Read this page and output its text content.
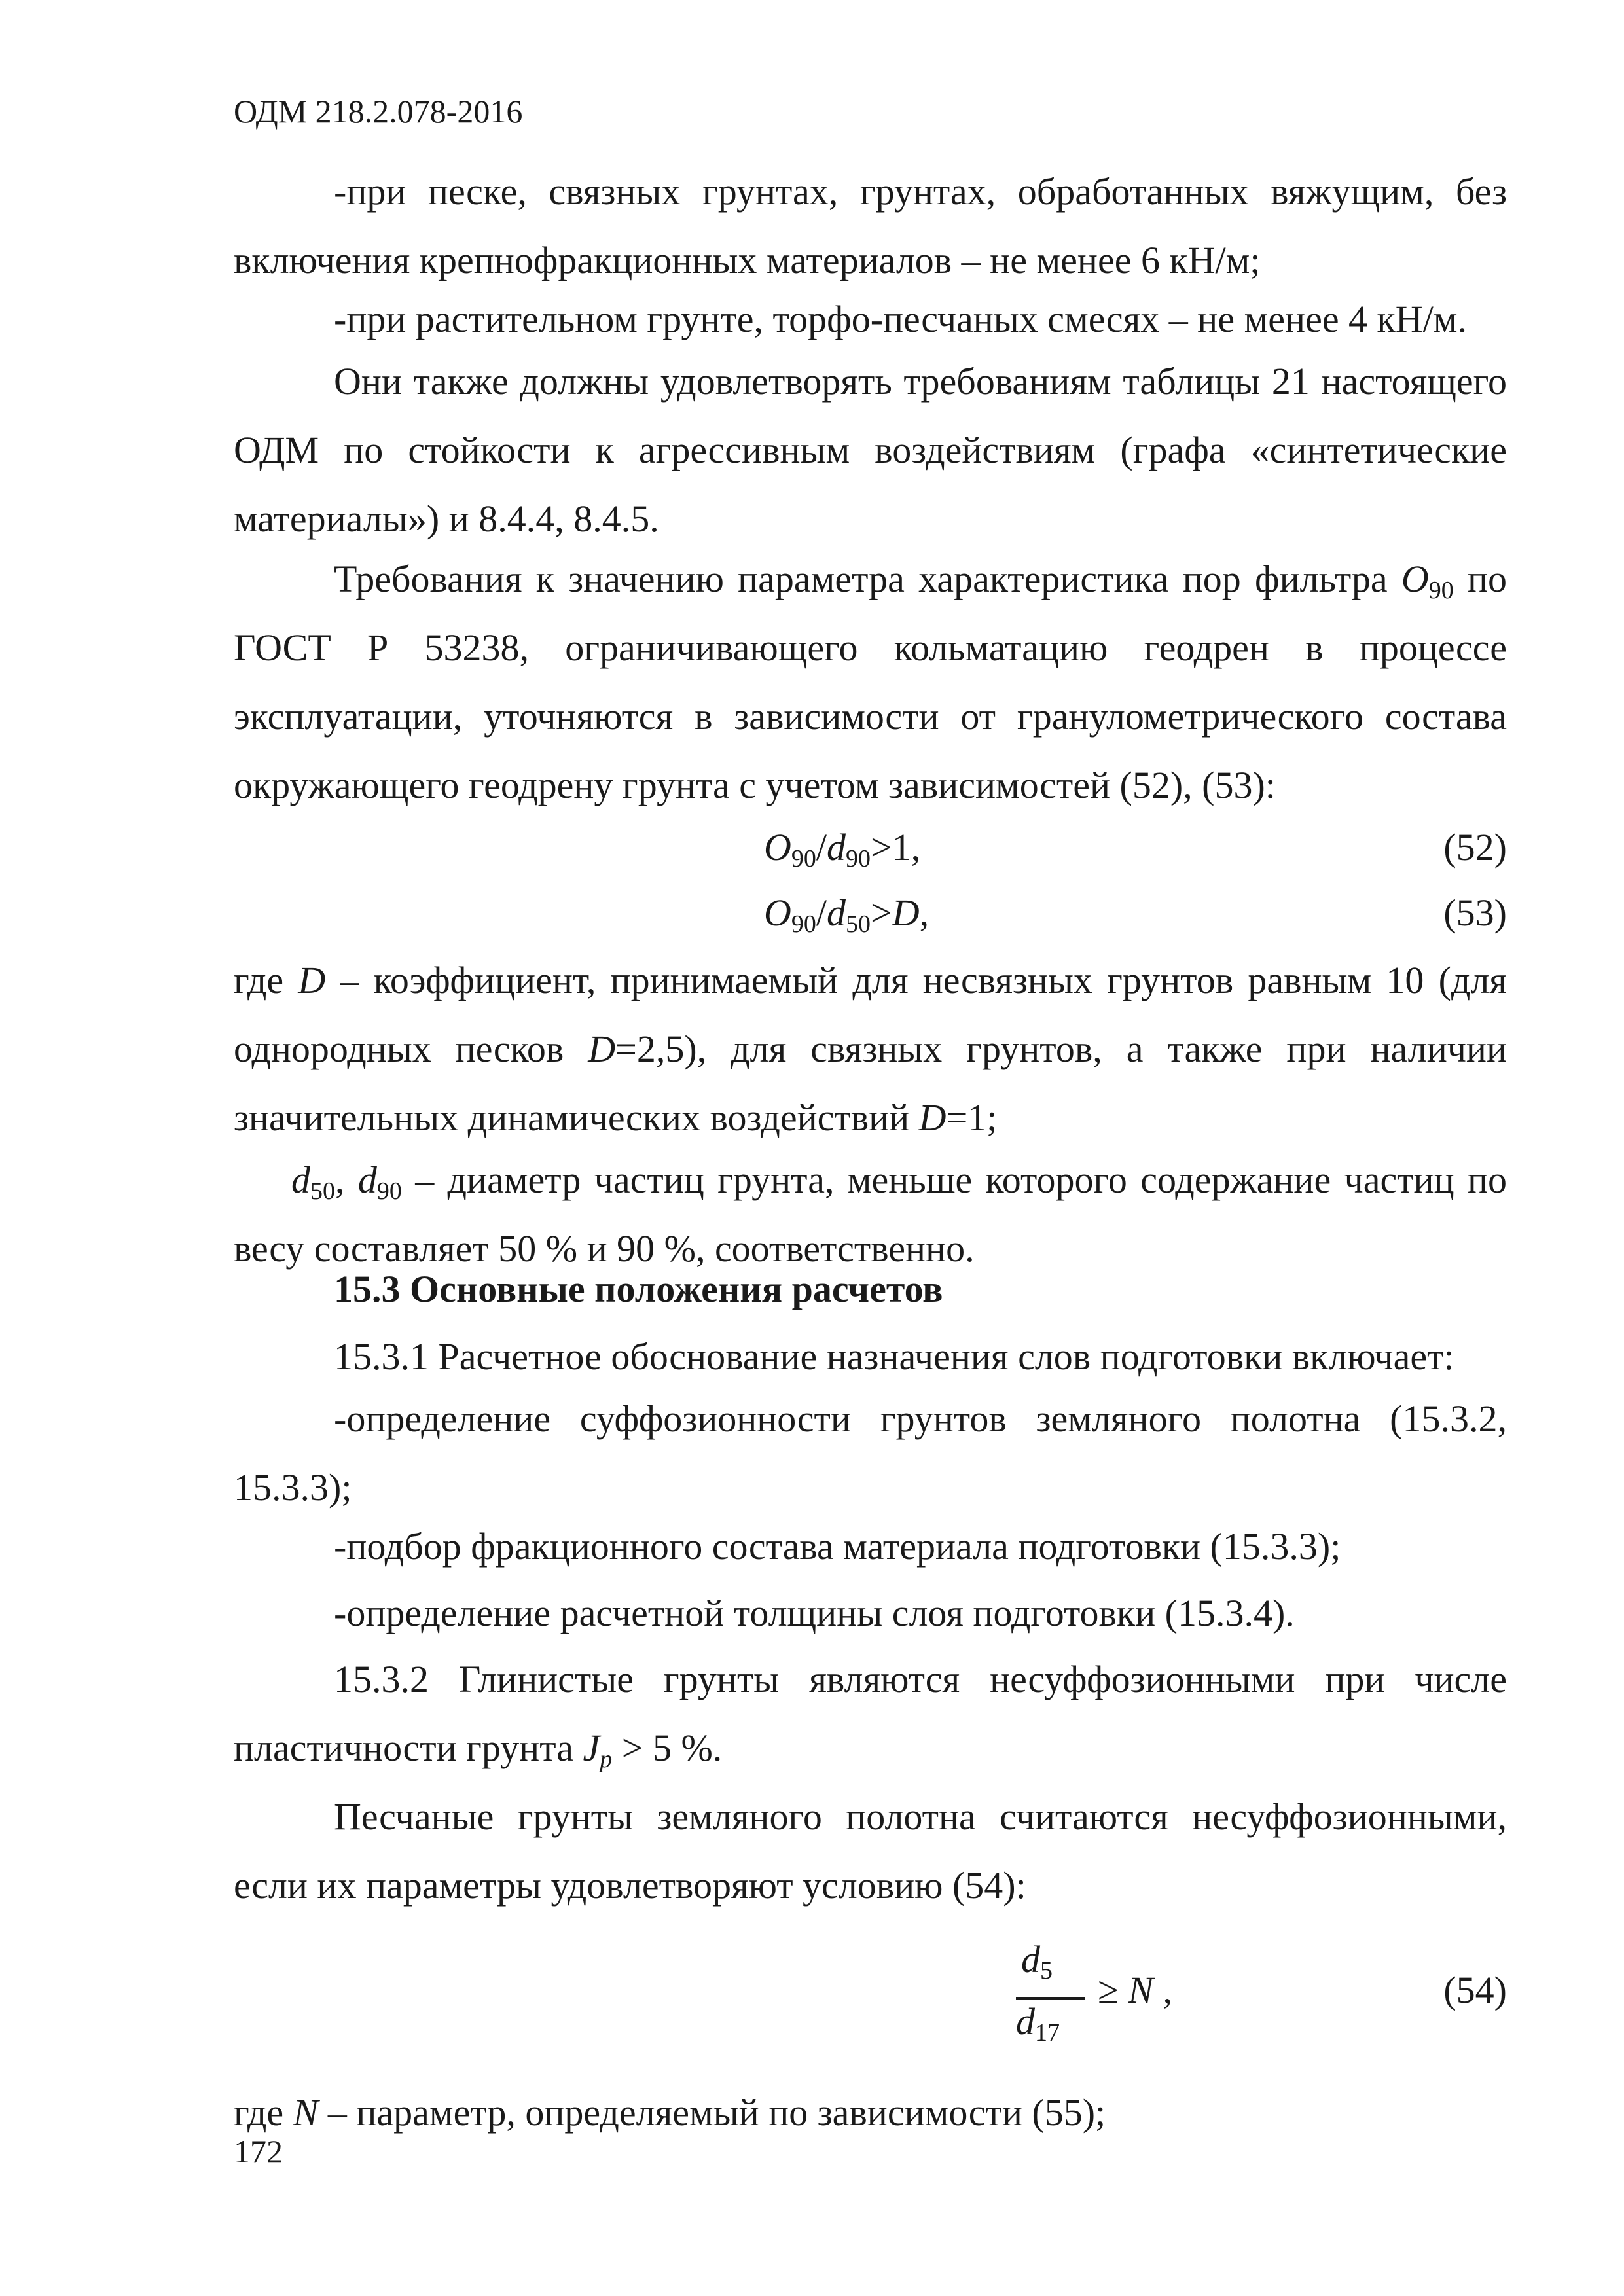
ОДМ 218.2.078-2016
-при песке, связных грунтах, грунтах, обработанных вяжущим, без включения крепнофракционных материалов – не менее 6 кН/м;
-при растительном грунте, торфо-песчаных смесях – не менее 4 кН/м.
Они также должны удовлетворять требованиям таблицы 21 настоящего ОДМ по стойкости к агрессивным воздействиям (графа «синтетические материалы») и 8.4.4, 8.4.5.
Требования к значению параметра характеристика пор фильтра $O_{90}$ по ГОСТ Р 53238, ограничивающего кольматацию геодрен в процессе эксплуатации, уточняются в зависимости от гранулометрического состава окружающего геодрену грунта с учетом зависимостей (52), (53):
$O_{90}/d_{90}>1$,	(52)
$O_{90}/d_{50}>D$,	(53)
где D – коэффициент, принимаемый для несвязных грунтов равным 10 (для однородных песков D=2,5), для связных грунтов, а также при наличии значительных динамических воздействий D=1;
$d_{50}$, $d_{90}$ – диаметр частиц грунта, меньше которого содержание частиц по весу составляет 50 % и 90 %, соответственно.
15.3 Основные положения расчетов
15.3.1 Расчетное обоснование назначения слов подготовки включает:
-определение суффозионности грунтов земляного полотна (15.3.2, 15.3.3);
-подбор фракционного состава материала подготовки (15.3.3);
-определение расчетной толщины слоя подготовки (15.3.4).
15.3.2 Глинистые грунты являются несуффозионными при числе пластичности грунта $J_p > 5$ %.
Песчаные грунты земляного полотна считаются несуффозионными, если их параметры удовлетворяют условию (54):
$d_5$
$d_{17}$
≥ N ,	(54)
где N – параметр, определяемый по зависимости (55);
172
